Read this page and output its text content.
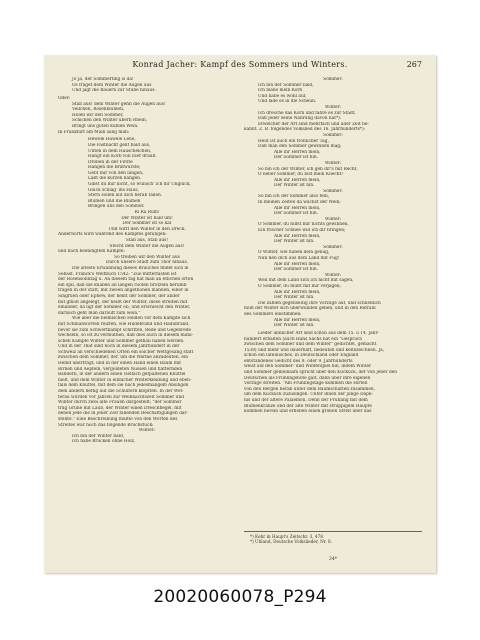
Konrad Jacher: Kampf des Sommers und Winters.	267
Jo Ja, der Sommerting is da!
Ös fraget dem Winter die Augen aus
Und jagt die Bauern zur Stube hinaus.
Oder:
Stab aus! dem Winter gehn die Augen aus!
Veilchen, Rosenblumen,
Holen wir den Sommer,
Schicken den Winter übern Rhein,
Bringt uns guten kühlen Wein.
In Frankfurt am Main sang man:
Hewele Hawele Lene,
Die Fastnacht geht bald aus,
Unten in dem Häuschelchen,
Hängt ein Korb voll Eier drauß.
Droben in der Firste
Hängen die Bratwürste;
Gebt mir von den langen,
Laßt die kurzen hangen.
Gibst du mir nicht, so wünsch' ich dir Unglück,
Glück schlag' ins Haus,
Stern sollen auf dich herab fallen.
Blumen und die Blumen
Bringen uns den Sommer.
Ri Ra Rum!
Der Winter ist bald um!
Der Sommer ist so kal
Und wirft den Winter in den Dreck.
Andernorts wird während des Kampfes gefungen:
Stab aus, Stab aus!
Stecht dem Winter die Augen aus!
und nach beendigtem Kampfe:
So treiben wir den Winter aus
Durch unsere Stadt zum Thor hinaus.
Die älteste Erwähnung dieses Brauches findet sich in
Sebast. Franck's Weltbuch 1542: "Zuo mitterfasten ist
der Rosensonntag u. An diesem tag hat man an etlichen orten
ein spil, daß die knaben an langen ruoten brotzeln herumb
tragen in der statt, mit zween angethonen mannen, einer in
Singrüen oder Ephew, der heißt der Sommer, der ander
mit gmöß angelegt, der heißt der Winter, diese streiten mit
einander, da ligt der Sommer ob, und erschlecht den Winter,
darnach geht man darauff zum wein."
Wie aber die heimischen Helden vor dem Kampfe sich
mit Schmähworten reizten, wie Hildebrand und Hadubrand,
bevor sie zum Schwertkampf schritten, Rede und Gegenrede
wechseln, so ist zu vermuthen, daß dies auch in diesem mimi-
schen Kampfe Winter und Sommer gethan haben werden.
Und in der That sind noch in diesem Jahrhundert in der
Schweiz an verschiedenen Orten ein solcher Wettgesang statt
zwischen dem Sommer, der, um die Wärme anzudeuten, ein
Hemd überträgt, und in der einen Hand einen Baum mit
Birnen und Aepfeln, vergoldeten Nüssen und flatternden
Bändern, in der andern einen vielfach gefpaltenen Knüttel
hielt, und dem Winter in einfacher Winterkleidung und eben-
falls dem Knüttel, mit dem sie nach jedesmaligem Absingen
dem andern heftig auf die Schultern klopften. In der Wet-
terau wurden vor Jahren zur Weihnachtszeit Sommer und
Winter durch zwei alte Frauen dargestellt; "der Sommer
trug Grüne mit Laub, der Winter einen Dreschflegel, mit
denen jede die in jener Zeit fallenden Beschäftigungen dar-
stellte." Eine Beschreibung mußte von den Worten des
Streites war noch das folgende Bruchstück:
Winter:
Ich bin der Winter bald,
Ich habe Brücken ohne Holz,
Sommer:
Ich bin der Sommer bald,
Ich mähe mein Korn
Und habe es wohl auf,
Und lade es in die Scheun.
Winter:
Ich dresche das Korn und fahre es zur Stadt,
Daß jeder seine Nahrung davon hat*).
Etwelcher der Art sind mehrfach und aller Zeit be-
kannt. Z. B. folgendes Volkslied des 16. Jahrhunderts*):
Sommer:
Heut ist auch ein fröhlicher Tag,
Daß man den Sommer gewinnen mag;
Alle ihr Herren mein,
Der Sommer ist hin.
Winter:
So bin ich der Winter, ich geb dir's mit Recht,
O lieber Sommer, du bist mein Knecht!
Alle ihr Herren mein,
Der Winter ist hin.
Sommer:
So bin ich der Sommer also fein,
In meinen Zeiten da wächst der Wein;
Alle ihr Herren mein,
Der Sommer ist hin.
Winter:
O Sommer, du hilfst mir nichts gewinnen,
Ein frischer Schnee will ich dir bringen;
Alle ihr Herren mein,
Der Winter ist hin.
Sommer:
O Winter, wie haben dein genug,
Nun heb dich aus dem Land mit Fug!
Alle ihr Herren mein,
Der Sommer ist hin.
Winter:
Weil mit dem Land sich ich nicht mit sagen,
O Sommer, du mußt mit mir verjagen;
Alle ihr Herren mein,
Der Winter ist hin.
Die zählen gegenseitig ihre Vorzüge auf, und schließlich
muß der Winter sich überwunden geben, und in den Refrain
des Sommers einstimmen:
Alle ihr Herren mein,
Der Winter ist hin.
Lieder ähnlicher Art sind schon aus dem 15. u 14. Jahr-
hundert erhalten (auch Hans Sachs hat ein "Gespräch
zwischen dem Sommer und dem Winter" gedichtet, gemacht
1538) und mehr und dauerhaft, bedeuten und kennzeichnen. Ja,
schon ein lateinisches, in Deutschland oder England
entstandenes Gedicht des 8. oder 9. Jahrhunderts
weist auf den Sommer- und Winterspiel hin, indem Winter
und Sommer gemeinsam spricht über den Kuckuck, der von jeher den
Deutschen als Frühlingsbote galt, dann über ihre eigenen
Vorzüge streiten. "Am Frühlingstage kommen die Hirten
von den Bergen herab unter dem Baumschatten zusammen,
um dem Kuckuck zuzusingen. Unter ihnen der junge Daph-
nis und der ältere Palaemon. Denn der Frühling mit dem
Blumenkranze und der alte Winter mit struppigem Haupte
kommen herein und erheben einen großen Streit über das
*) Kehr in Haupt's Zeitschr. 3, 478.
*) Uhland, Deutsche Volkslieder, Nr. 8.
34*
20020060078_P294
